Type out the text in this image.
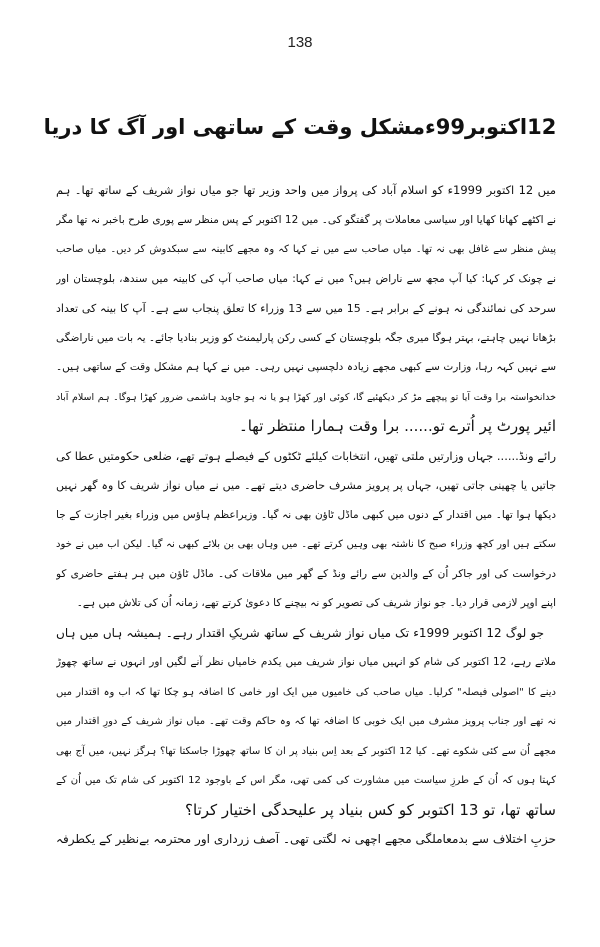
138
12اکتوبر99ءمشکل وقت کے ساتھی اور آگ کا دریا

میں 12 اکتوبر 1999ء کو اسلام آباد کی پرواز میں واحد وزیر تھا جو میاں نواز شریف کے ساتھ تھا۔ ہم
نے اکٹھے کھانا کھایا اور سیاسی معاملات پر گفتگو کی۔ میں 12 اکتوبر کے پس منظر سے پوری طرح باخبر نہ تھا مگر
پیش منظر سے غافل بھی نہ تھا۔ میاں صاحب سے میں نے کہا کہ وہ مجھے کابینہ سے سبکدوش کر دیں۔ میاں صاحب
نے چونک کر کہا: کیا آپ مجھ سے ناراض ہیں؟ میں نے کہا: میاں صاحب آپ کی کابینہ میں سندھ، بلوچستان اور
سرحد کی نمائندگی نہ ہونے کے برابر ہے۔ 15 میں سے 13 وزراء کا تعلق پنجاب سے ہے۔ آپ کا بینہ کی تعداد
بڑھانا نہیں چاہتے، بہتر ہوگا میری جگہ بلوچستان کے کسی رکن پارلیمنٹ کو وزیر بنادیا جائے۔ یہ بات میں ناراضگی
سے نہیں کہہ رہا، وزارت سے کبھی مجھے زیادہ دلچسپی نہیں رہی۔ میں نے کہا ہم مشکل وقت کے ساتھی ہیں۔
خدانخواستہ برا وقت آیا تو پیچھے مڑ کر دیکھئیے گا، کوئی اور کھڑا ہو یا نہ ہو جاوید ہاشمی ضرور کھڑا ہوگا۔ ہم اسلام آباد
ائیر پورٹ پر اُترے تو...... برا وقت ہمارا منتظر تھا۔

رائے ونڈ...... جہاں وزارتیں ملتی تھیں، انتخابات کیلئے ٹکٹوں کے فیصلے ہوتے تھے، ضلعی حکومتیں عطا کی
جاتیں یا چھینی جاتی تھیں، جہاں پر پرویز مشرف حاضری دیتے تھے۔ میں نے میاں نواز شریف کا وہ گھر نہیں
دیکھا ہوا تھا۔ میں اقتدار کے دنوں میں کبھی ماڈل ٹاؤن بھی نہ گیا۔ وزیراعظم ہاؤس میں وزراء بغیر اجازت کے جا
سکتے ہیں اور کچھ وزراء صبح کا ناشتہ بھی وہیں کرتے تھے۔ میں وہاں بھی بن بلائے کبھی نہ گیا۔ لیکن اب میں نے خود
درخواست کی اور جاکر اُن کے والدین سے رائے ونڈ کے گھر میں ملاقات کی۔ ماڈل ٹاؤن میں ہر ہفتے حاضری کو
اپنے اوپر لازمی قرار دیا۔ جو نواز شریف کی تصویر کو نہ بیچنے کا دعویٰ کرتے تھے، زمانہ اُن کی تلاش میں ہے۔

جو لوگ 12 اکتوبر 1999ء تک میاں نواز شریف کے ساتھ شریکِ اقتدار رہے۔ ہمیشہ ہاں میں ہاں
ملاتے رہے، 12 اکتوبر کی شام کو انہیں میاں نواز شریف میں یکدم خامیاں نظر آنے لگیں اور انہوں نے ساتھ چھوڑ
دینے کا "اصولی فیصلہ" کرلیا۔ میاں صاحب کی خامیوں میں ایک اور خامی کا اضافہ ہو چکا تھا کہ اب وہ اقتدار میں
نہ تھے اور جناب پرویز مشرف میں ایک خوبی کا اضافہ تھا کہ وہ حاکم وقت تھے۔ میاں نواز شریف کے دورِ اقتدار میں
مجھے اُن سے کئی شکوے تھے۔ کیا 12 اکتوبر کے بعد اِس بنیاد پر ان کا ساتھ چھوڑا جاسکتا تھا؟ ہرگز نہیں، میں آج بھی
کہتا ہوں کہ اُن کے طرزِ سیاست میں مشاورت کی کمی تھی، مگر اس کے باوجود 12 اکتوبر کی شام تک میں اُن کے
ساتھ تھا، تو 13 اکتوبر کو کس بنیاد پر علیحدگی اختیار کرتا؟

حزبِ اختلاف سے بدمعاملگی مجھے اچھی نہ لگتی تھی۔ آصف زرداری اور محترمہ بےنظیر کے یکطرفہ
